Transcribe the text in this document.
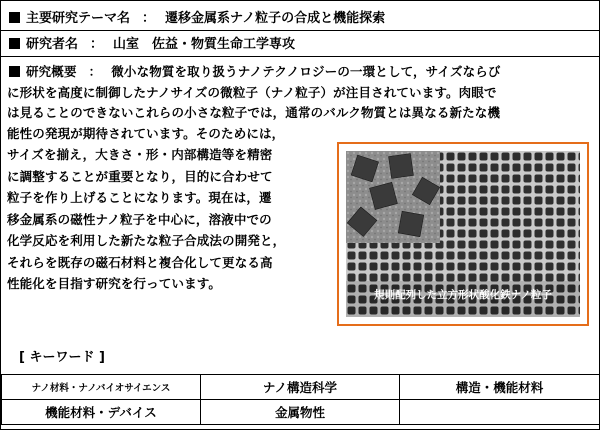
主要研究テーマ名 ： 遷移金属系ナノ粒子の合成と機能探索
研究者名 ： 山室　佐益・物質生命工学専攻
研究概要 ： 微小な物質を取り扱うナノテクノロジーの一環として，サイズならび
に形状を高度に制御したナノサイズの微粒子（ナノ粒子）が注目されています。肉眼で
は見ることのできないこれらの小さな粒子では，通常のバルク物質とは異なる新たな機
能性の発現が期待されています。そのためには，
サイズを揃え，大きさ・形・内部構造等を精密
に調整することが重要となり，目的に合わせて
粒子を作り上げることになります。現在は，遷
移金属系の磁性ナノ粒子を中心に，溶液中での
化学反応を利用した新たな粒子合成法の開発と，
それらを既存の磁石材料と複合化して更なる高
性能化を目指す研究を行っています。
規則配列した立方形状酸化鉄ナノ粒子
[ キーワード ]
ナノ材料・ナノバイオサイエンス	ナノ構造科学	構造・機能材料
機能材料・デバイス	金属物性	
